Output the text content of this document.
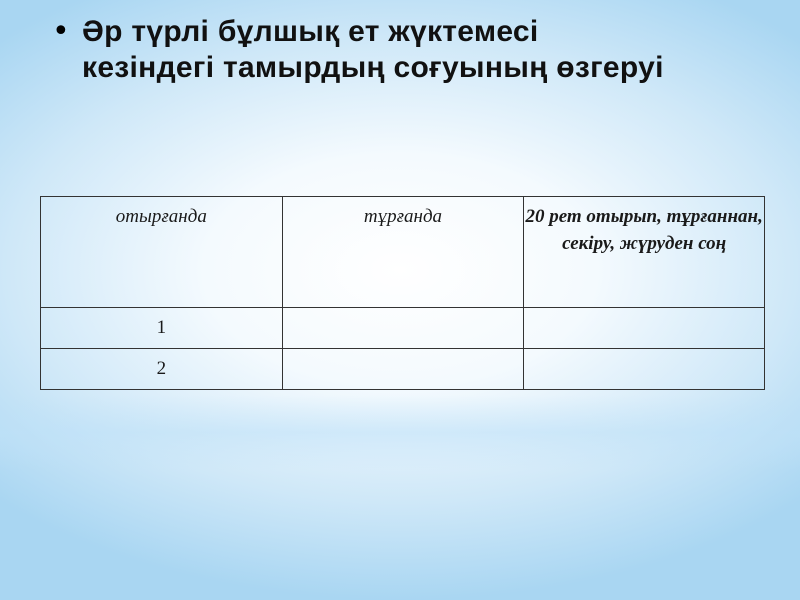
• Әр түрлі бұлшық ет жүктемесі
кезіндегі тамырдың соғуының өзгеруі
отырғанда	тұрғанда	20 рет отырып, тұрғаннан, секіру, жүруден соң
1		
2		
